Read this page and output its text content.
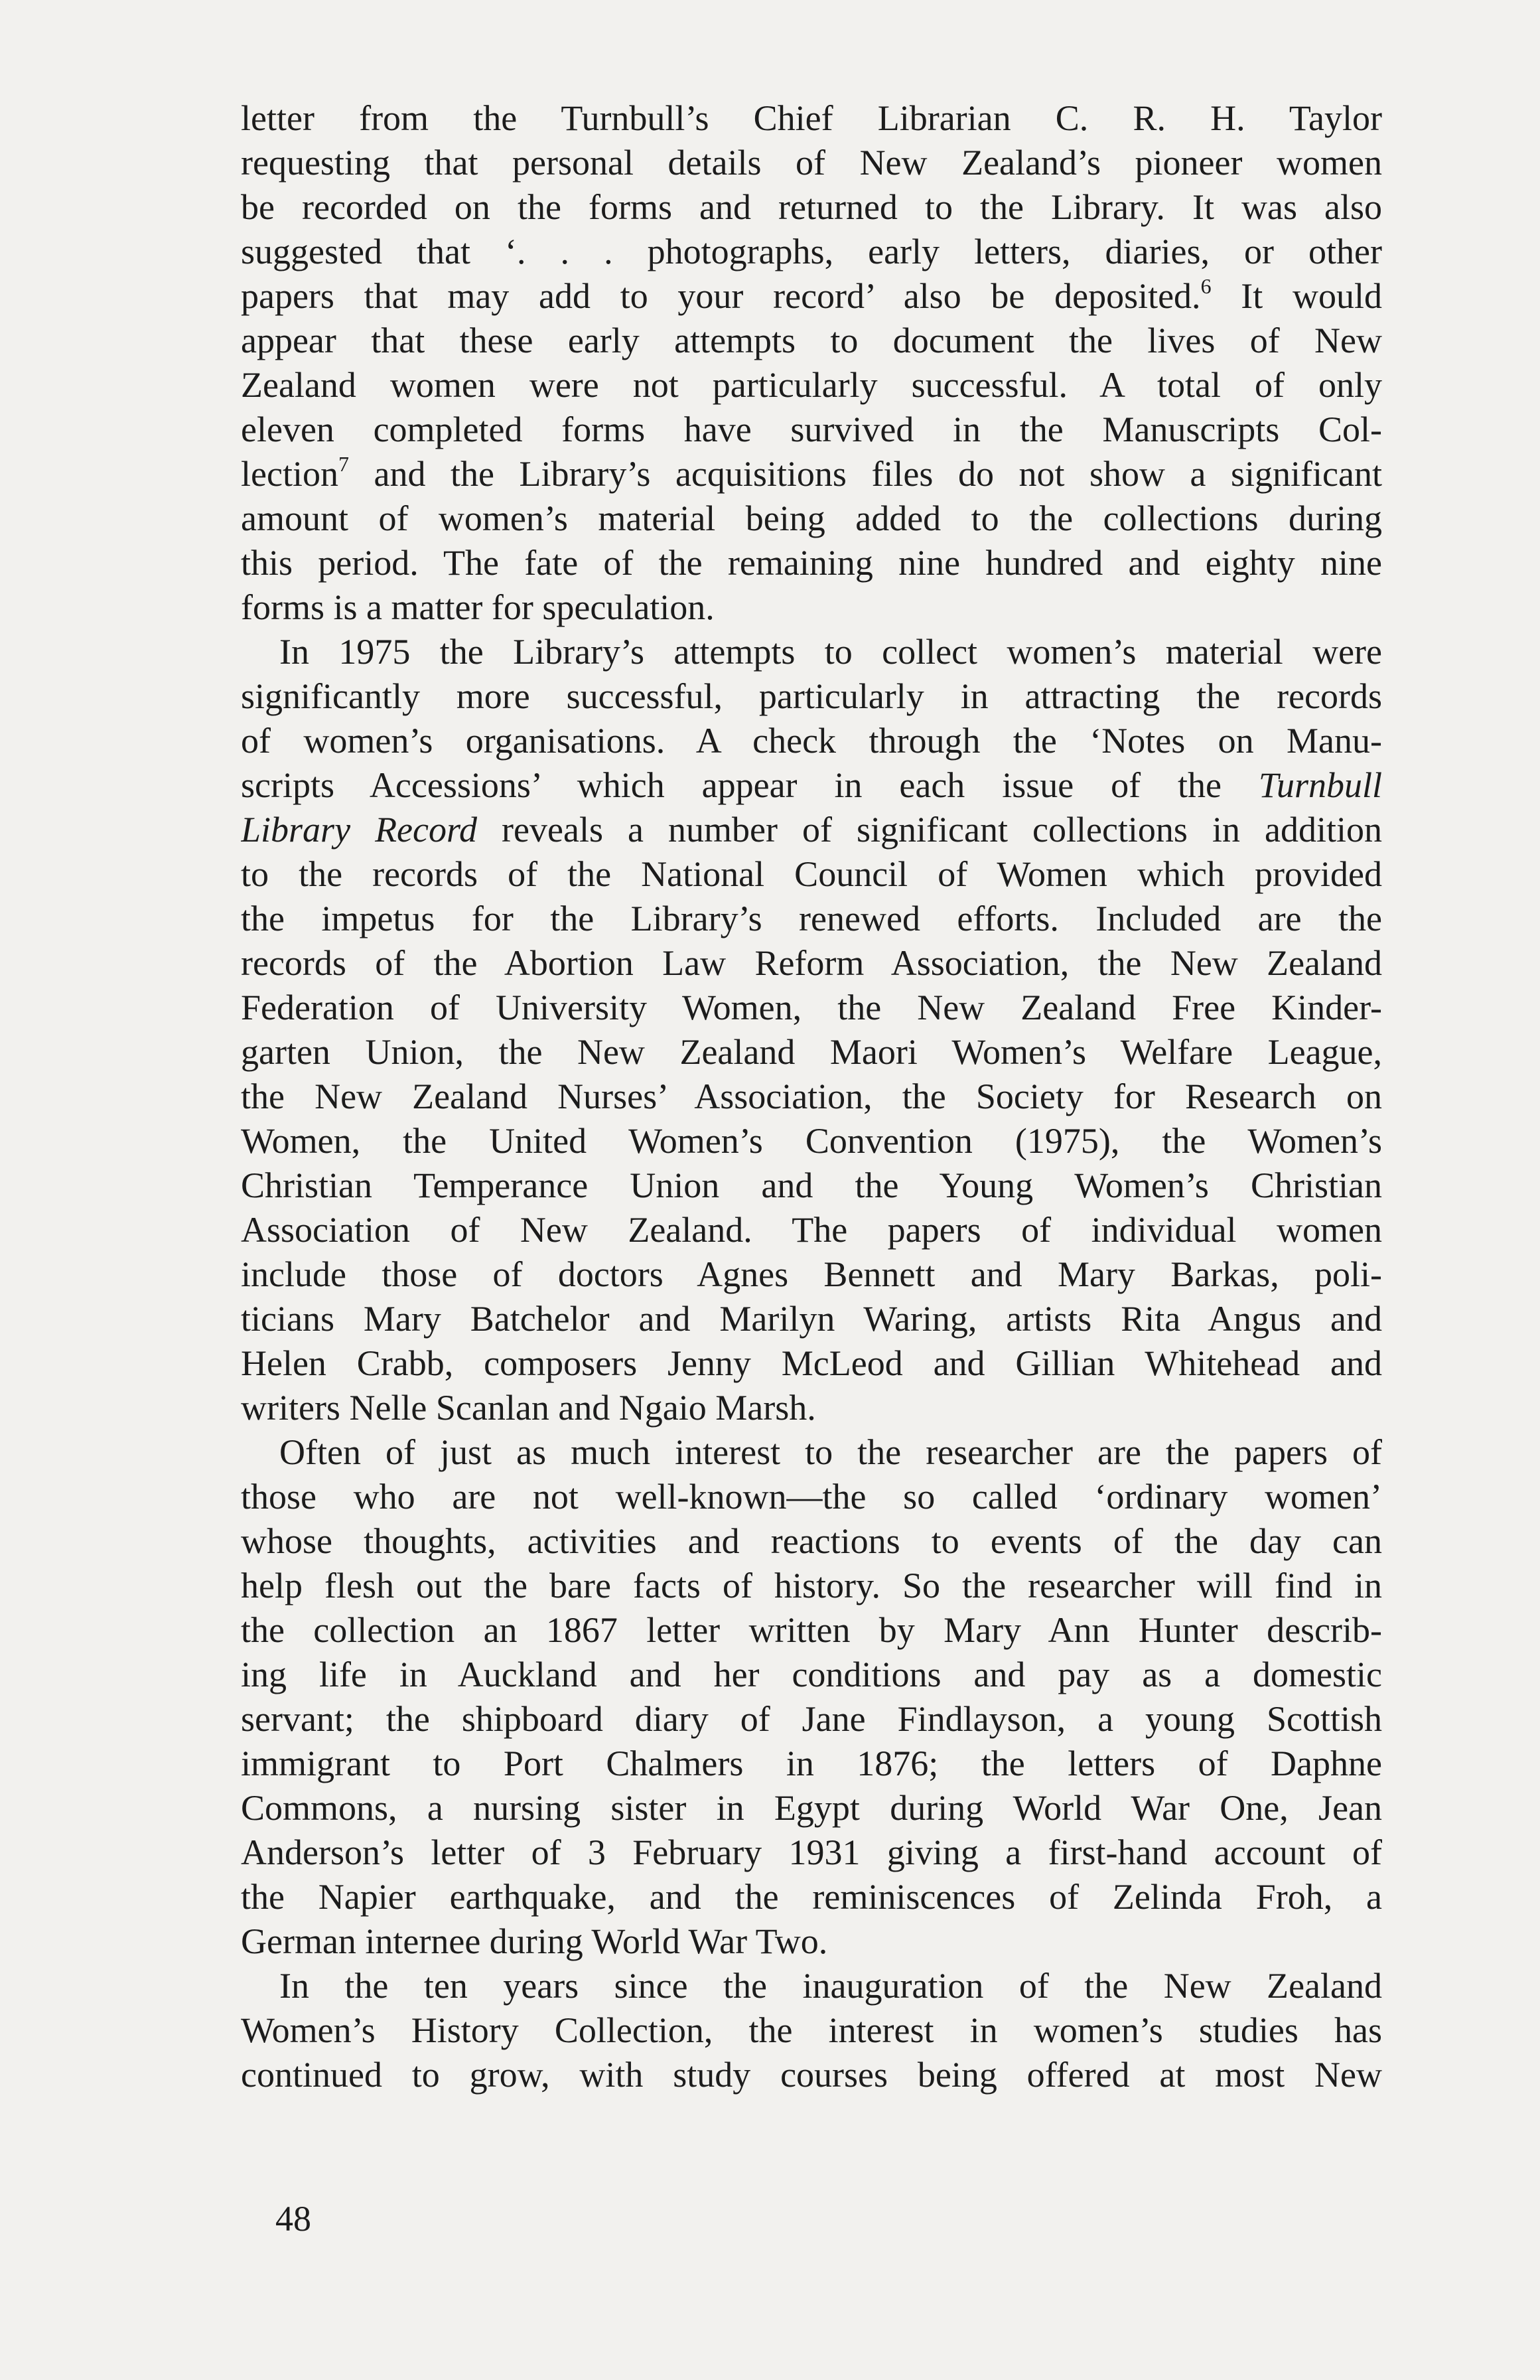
letter from the Turnbull’s Chief Librarian C. R. H. Taylor
requesting that personal details of New Zealand’s pioneer women
be recorded on the forms and returned to the Library. It was also
suggested that ‘. . . photographs, early letters, diaries, or other
papers that may add to your record’ also be deposited.$^6$ It would
appear that these early attempts to document the lives of New
Zealand women were not particularly successful. A total of only
eleven completed forms have survived in the Manuscripts Col-
lection$^7$ and the Library’s acquisitions files do not show a significant
amount of women’s material being added to the collections during
this period. The fate of the remaining nine hundred and eighty nine
forms is a matter for speculation.
In 1975 the Library’s attempts to collect women’s material were
significantly more successful, particularly in attracting the records
of women’s organisations. A check through the ‘Notes on Manu-
scripts Accessions’ which appear in each issue of the Turnbull
Library Record reveals a number of significant collections in addition
to the records of the National Council of Women which provided
the impetus for the Library’s renewed efforts. Included are the
records of the Abortion Law Reform Association, the New Zealand
Federation of University Women, the New Zealand Free Kinder-
garten Union, the New Zealand Maori Women’s Welfare League,
the New Zealand Nurses’ Association, the Society for Research on
Women, the United Women’s Convention (1975), the Women’s
Christian Temperance Union and the Young Women’s Christian
Association of New Zealand. The papers of individual women
include those of doctors Agnes Bennett and Mary Barkas, poli-
ticians Mary Batchelor and Marilyn Waring, artists Rita Angus and
Helen Crabb, composers Jenny McLeod and Gillian Whitehead and
writers Nelle Scanlan and Ngaio Marsh.
Often of just as much interest to the researcher are the papers of
those who are not well-known—the so called ‘ordinary women’
whose thoughts, activities and reactions to events of the day can
help flesh out the bare facts of history. So the researcher will find in
the collection an 1867 letter written by Mary Ann Hunter describ-
ing life in Auckland and her conditions and pay as a domestic
servant; the shipboard diary of Jane Findlayson, a young Scottish
immigrant to Port Chalmers in 1876; the letters of Daphne
Commons, a nursing sister in Egypt during World War One, Jean
Anderson’s letter of 3 February 1931 giving a first-hand account of
the Napier earthquake, and the reminiscences of Zelinda Froh, a
German internee during World War Two.
In the ten years since the inauguration of the New Zealand
Women’s History Collection, the interest in women’s studies has
continued to grow, with study courses being offered at most New
48
